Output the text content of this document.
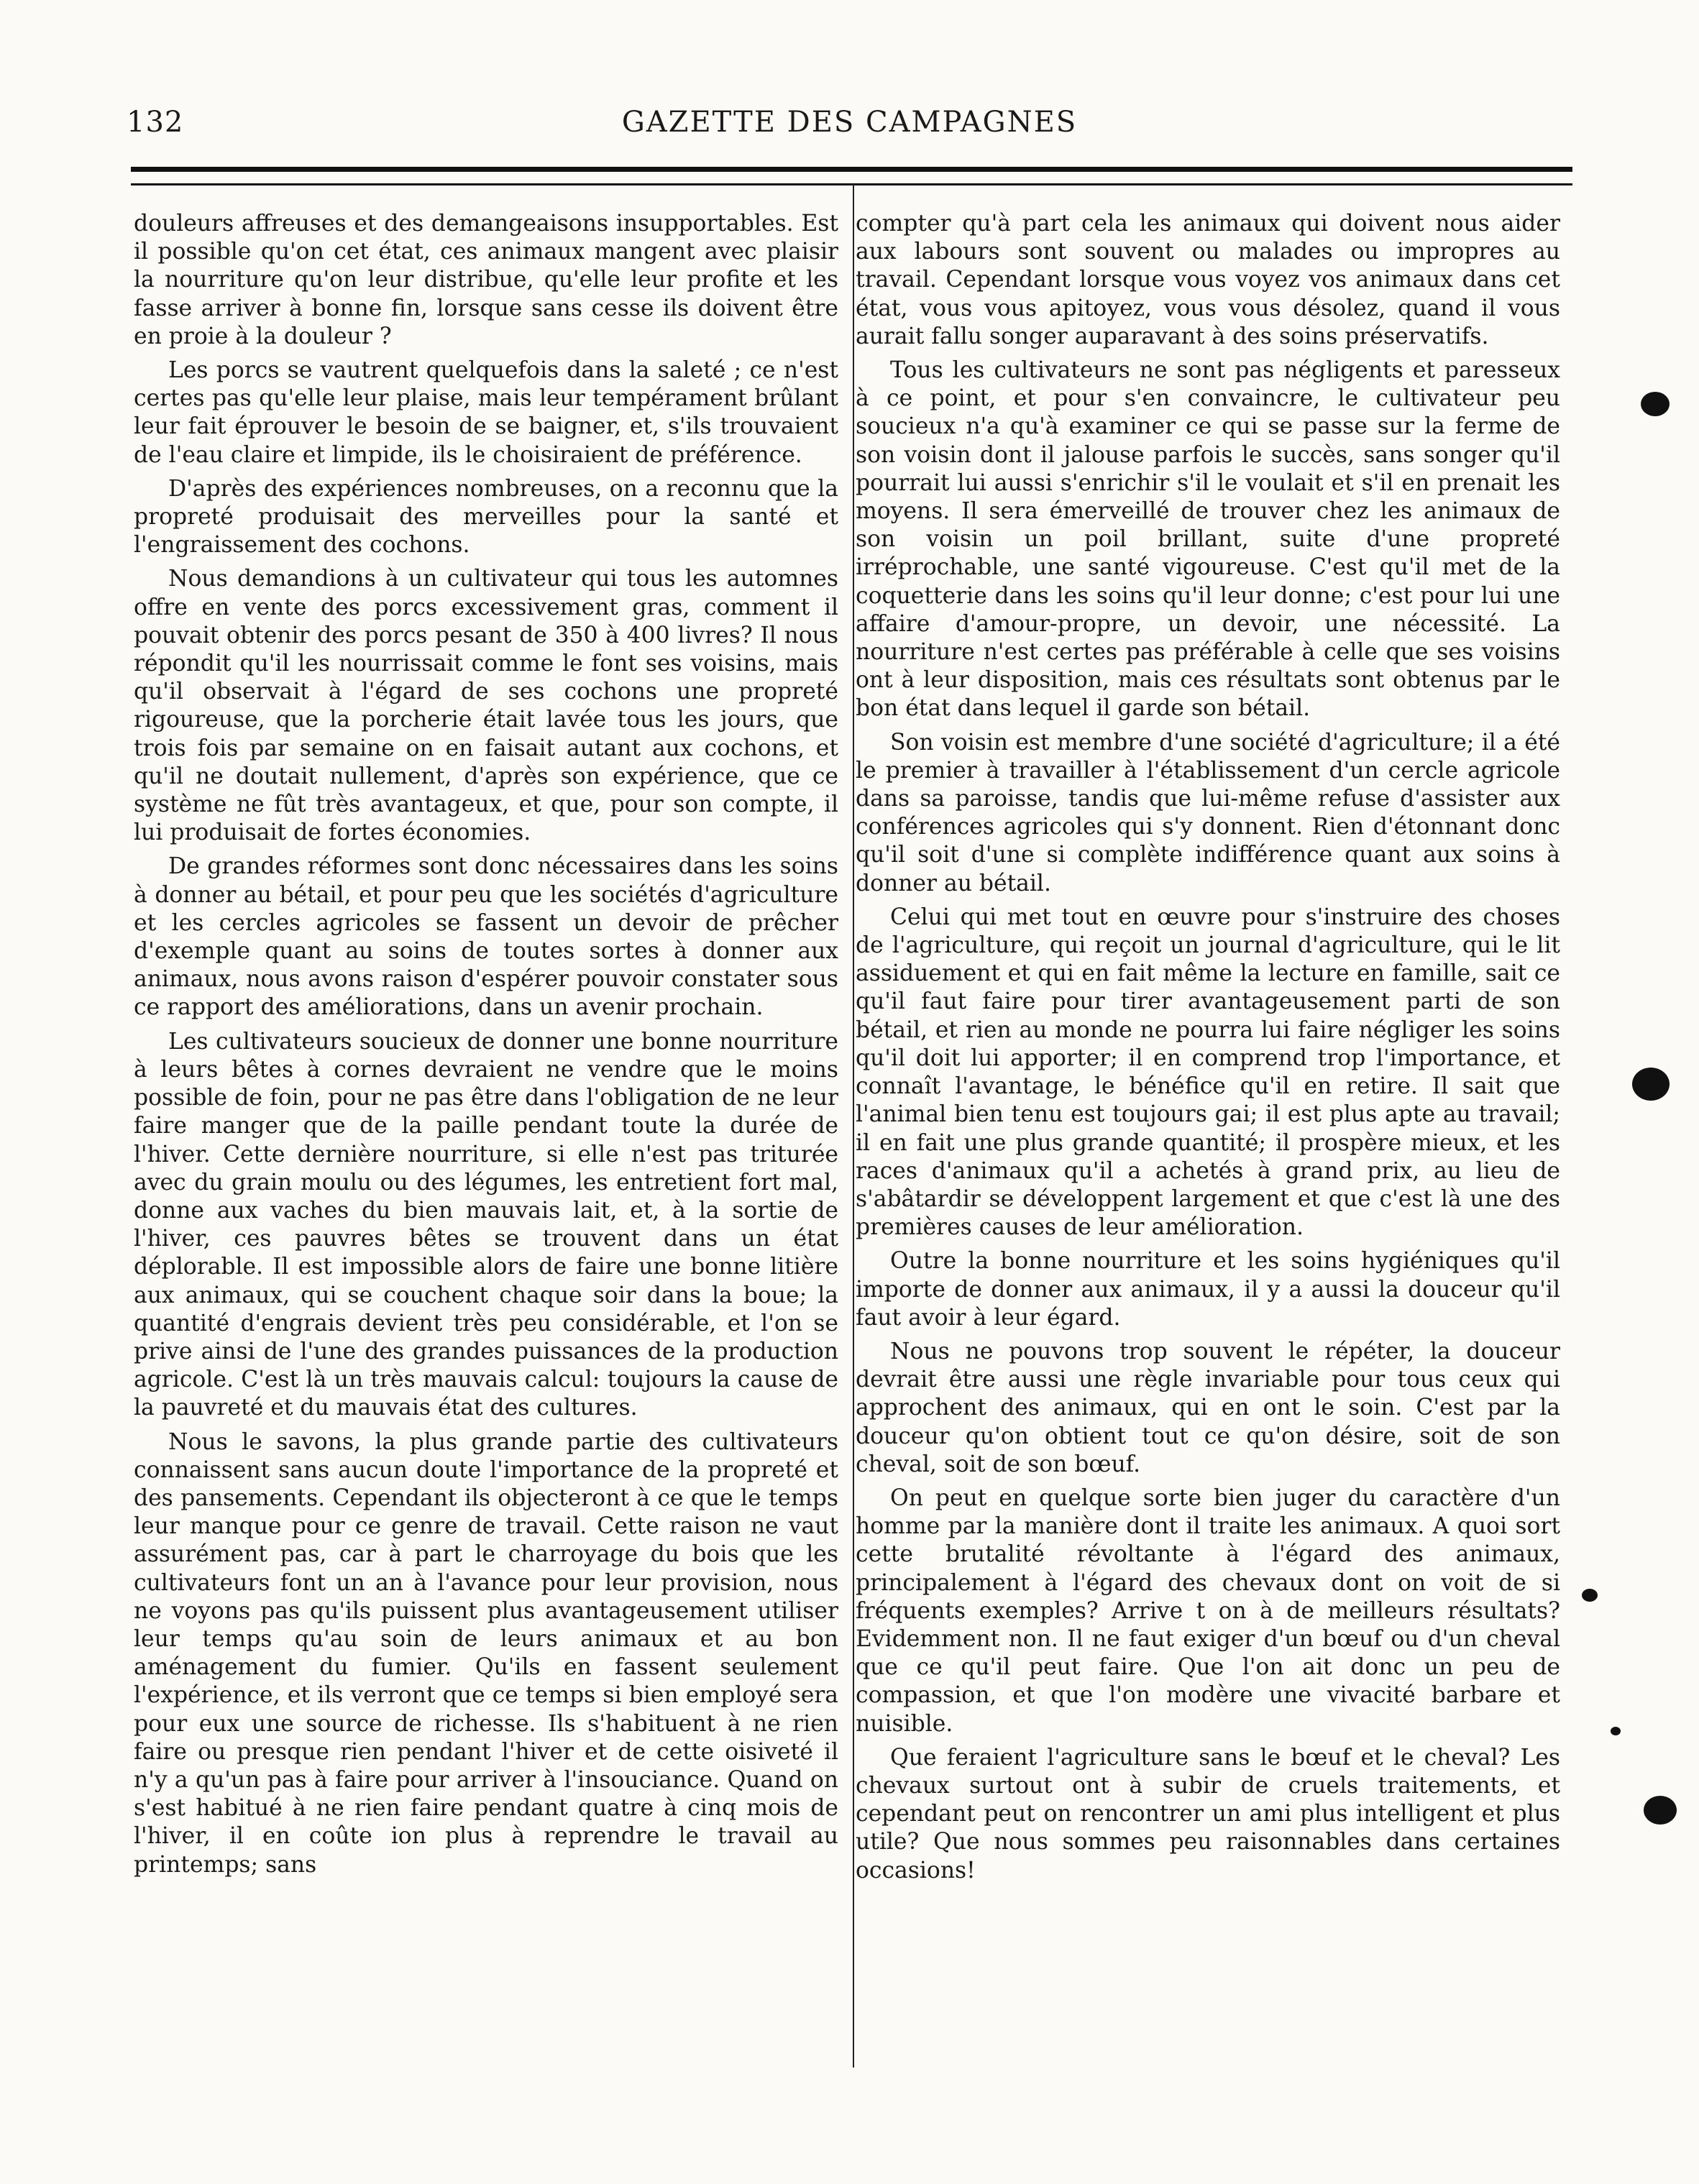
132	GAZETTE DES CAMPAGNES

douleurs affreuses et des demangeaisons insupportables. Est il possible qu'on cet état, ces animaux mangent avec plaisir la nourriture qu'on leur distribue, qu'elle leur profite et les fasse arriver à bonne fin, lorsque sans cesse ils doivent être en proie à la douleur ?

Les porcs se vautrent quelquefois dans la saleté ; ce n'est certes pas qu'elle leur plaise, mais leur tempérament brûlant leur fait éprouver le besoin de se baigner, et, s'ils trouvaient de l'eau claire et limpide, ils le choisiraient de préférence.

D'après des expériences nombreuses, on a reconnu que la propreté produisait des merveilles pour la santé et l'engraissement des cochons.

Nous demandions à un cultivateur qui tous les automnes offre en vente des porcs excessivement gras, comment il pouvait obtenir des porcs pesant de 350 à 400 livres? Il nous répondit qu'il les nourrissait comme le font ses voisins, mais qu'il observait à l'égard de ses cochons une propreté rigoureuse, que la porcherie était lavée tous les jours, que trois fois par semaine on en faisait autant aux cochons, et qu'il ne doutait nullement, d'après son expérience, que ce système ne fût très avantageux, et que, pour son compte, il lui produisait de fortes économies.

De grandes réformes sont donc nécessaires dans les soins à donner au bétail, et pour peu que les sociétés d'agriculture et les cercles agricoles se fassent un devoir de prêcher d'exemple quant au soins de toutes sortes à donner aux animaux, nous avons raison d'espérer pouvoir constater sous ce rapport des améliorations, dans un avenir prochain.

Les cultivateurs soucieux de donner une bonne nourriture à leurs bêtes à cornes devraient ne vendre que le moins possible de foin, pour ne pas être dans l'obligation de ne leur faire manger que de la paille pendant toute la durée de l'hiver. Cette dernière nourriture, si elle n'est pas triturée avec du grain moulu ou des légumes, les entretient fort mal, donne aux vaches du bien mauvais lait, et, à la sortie de l'hiver, ces pauvres bêtes se trouvent dans un état déplorable. Il est impossible alors de faire une bonne litière aux animaux, qui se couchent chaque soir dans la boue; la quantité d'engrais devient très peu considérable, et l'on se prive ainsi de l'une des grandes puissances de la production agricole. C'est là un très mauvais calcul: toujours la cause de la pauvreté et du mauvais état des cultures.

Nous le savons, la plus grande partie des cultivateurs connaissent sans aucun doute l'importance de la propreté et des pansements. Cependant ils objecteront à ce que le temps leur manque pour ce genre de travail. Cette raison ne vaut assurément pas, car à part le charroyage du bois que les cultivateurs font un an à l'avance pour leur provision, nous ne voyons pas qu'ils puissent plus avantageusement utiliser leur temps qu'au soin de leurs animaux et au bon aménagement du fumier. Qu'ils en fassent seulement l'expérience, et ils verront que ce temps si bien employé sera pour eux une source de richesse. Ils s'habituent à ne rien faire ou presque rien pendant l'hiver et de cette oisiveté il n'y a qu'un pas à faire pour arriver à l'insouciance. Quand on s'est habitué à ne rien faire pendant quatre à cinq mois de l'hiver, il en coûte ion plus à reprendre le travail au printemps; sans

compter qu'à part cela les animaux qui doivent nous aider aux labours sont souvent ou malades ou impropres au travail. Cependant lorsque vous voyez vos animaux dans cet état, vous vous apitoyez, vous vous désolez, quand il vous aurait fallu songer auparavant à des soins préservatifs.

Tous les cultivateurs ne sont pas négligents et paresseux à ce point, et pour s'en convaincre, le cultivateur peu soucieux n'a qu'à examiner ce qui se passe sur la ferme de son voisin dont il jalouse parfois le succès, sans songer qu'il pourrait lui aussi s'enrichir s'il le voulait et s'il en prenait les moyens. Il sera émerveillé de trouver chez les animaux de son voisin un poil brillant, suite d'une propreté irréprochable, une santé vigoureuse. C'est qu'il met de la coquetterie dans les soins qu'il leur donne; c'est pour lui une affaire d'amour-propre, un devoir, une nécessité. La nourriture n'est certes pas préférable à celle que ses voisins ont à leur disposition, mais ces résultats sont obtenus par le bon état dans lequel il garde son bétail.

Son voisin est membre d'une société d'agriculture; il a été le premier à travailler à l'établissement d'un cercle agricole dans sa paroisse, tandis que lui-même refuse d'assister aux conférences agricoles qui s'y donnent. Rien d'étonnant donc qu'il soit d'une si complète indifférence quant aux soins à donner au bétail.

Celui qui met tout en œuvre pour s'instruire des choses de l'agriculture, qui reçoit un journal d'agriculture, qui le lit assiduement et qui en fait même la lecture en famille, sait ce qu'il faut faire pour tirer avantageusement parti de son bétail, et rien au monde ne pourra lui faire négliger les soins qu'il doit lui apporter; il en comprend trop l'importance, et connaît l'avantage, le bénéfice qu'il en retire. Il sait que l'animal bien tenu est toujours gai; il est plus apte au travail; il en fait une plus grande quantité; il prospère mieux, et les races d'animaux qu'il a achetés à grand prix, au lieu de s'abâtardir se développent largement et que c'est là une des premières causes de leur amélioration.

Outre la bonne nourriture et les soins hygiéniques qu'il importe de donner aux animaux, il y a aussi la douceur qu'il faut avoir à leur égard.

Nous ne pouvons trop souvent le répéter, la douceur devrait être aussi une règle invariable pour tous ceux qui approchent des animaux, qui en ont le soin. C'est par la douceur qu'on obtient tout ce qu'on désire, soit de son cheval, soit de son bœuf.

On peut en quelque sorte bien juger du caractère d'un homme par la manière dont il traite les animaux. A quoi sort cette brutalité révoltante à l'égard des animaux, principalement à l'égard des chevaux dont on voit de si fréquents exemples? Arrive t on à de meilleurs résultats? Evidemment non. Il ne faut exiger d'un bœuf ou d'un cheval que ce qu'il peut faire. Que l'on ait donc un peu de compassion, et que l'on modère une vivacité barbare et nuisible.

Que feraient l'agriculture sans le bœuf et le cheval? Les chevaux surtout ont à subir de cruels traitements, et cependant peut on rencontrer un ami plus intelligent et plus utile? Que nous sommes peu raisonnables dans certaines occasions!
